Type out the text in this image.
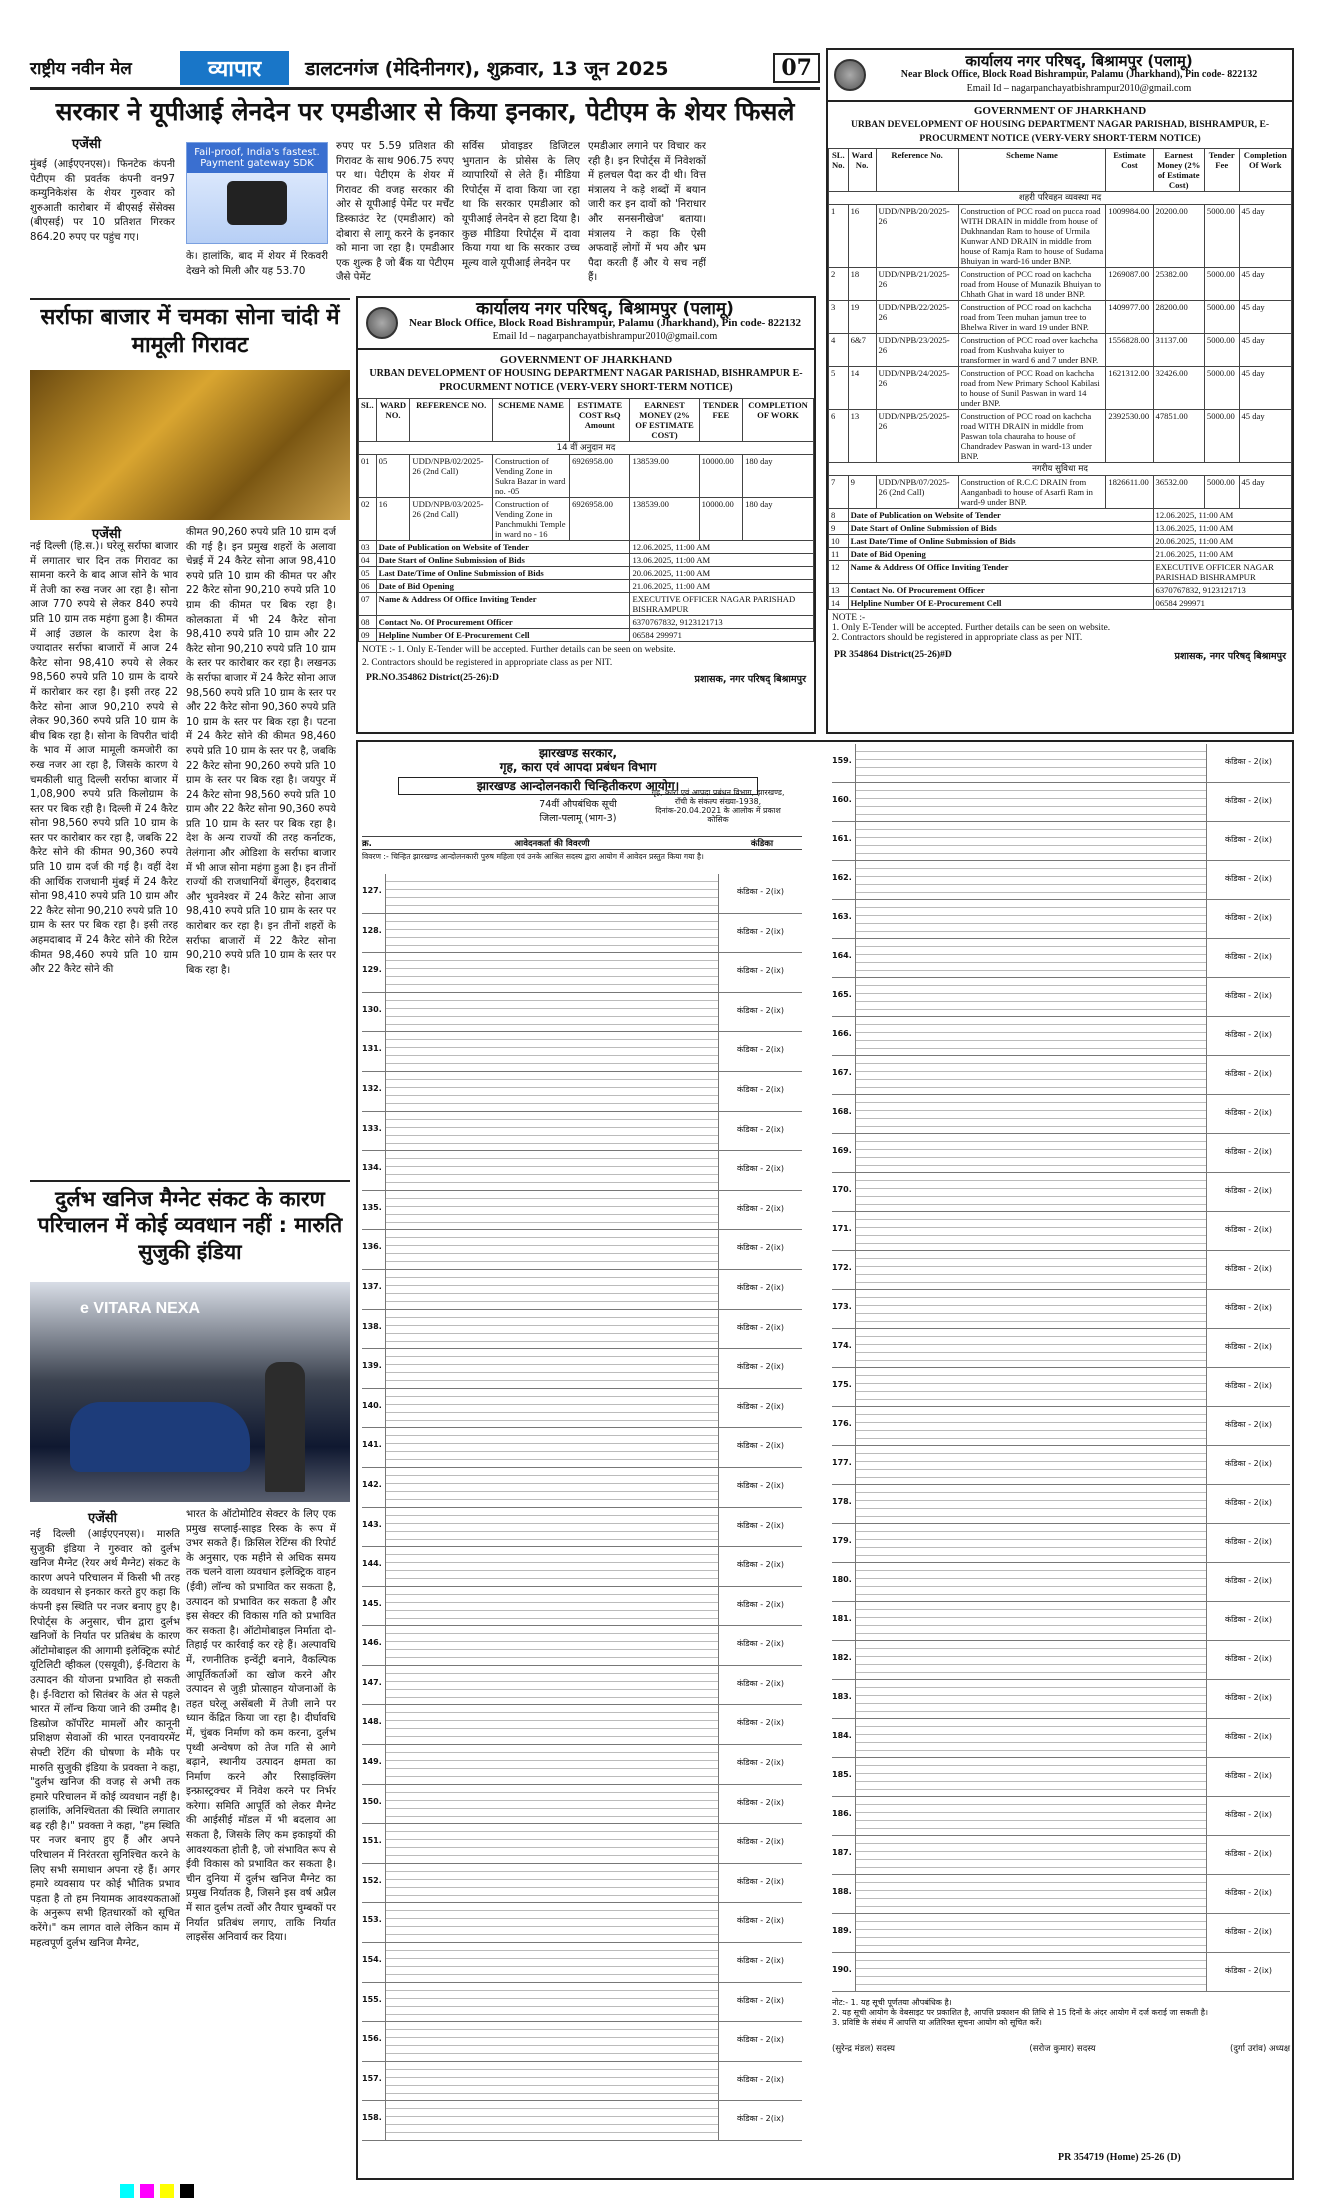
राष्ट्रीय नवीन मेल	व्यापार	डालटनगंज (मेदिनीनगर), शुक्रवार, 13 जून 2025	07
सरकार ने यूपीआई लेनदेन पर एमडीआर से किया इनकार, पेटीएम के शेयर फिसले
एजेंसी
मुंबई (आईएएनएस)। फिनटेक कंपनी पेटीएम की प्रवर्तक कंपनी वन97 कम्युनिकेशंस के शेयर गुरुवार को शुरुआती कारोबार में बीएसई सेंसेक्स (बीएसई) पर 10 प्रतिशत गिरकर 864.20 रुपए पर पहुंच गए।
Fail-proof, India's fastest. Payment gateway SDK
के। हालांकि, बाद में शेयर में रिकवरी देखने को मिली और यह 53.70
रुपए पर 5.59 प्रतिशत की गिरावट के साथ 906.75 रुपए पर था। पेटीएम के शेयर में गिरावट की वजह सरकार की ओर से यूपीआई पेमेंट पर मर्चेंट डिस्काउंट रेट (एमडीआर) को दोबारा से लागू करने के इनकार को माना जा रहा है। एमडीआर एक शुल्क है जो बैंक या पेटीएम जैसे पेमेंट
सर्विस प्रोवाइडर डिजिटल भुगतान के प्रोसेस के लिए व्यापारियों से लेते हैं। मीडिया रिपोर्ट्स में दावा किया जा रहा था कि सरकार एमडीआर को यूपीआई लेनदेन से हटा दिया है। कुछ मीडिया रिपोर्ट्स में दावा किया गया था कि सरकार उच्च मूल्य वाले यूपीआई लेनदेन पर
एमडीआर लगाने पर विचार कर रही है। इन रिपोर्ट्स में निवेशकों में हलचल पैदा कर दी थी। वित्त मंत्रालय ने कड़े शब्दों में बयान जारी कर इन दावों को 'निराधार और सनसनीखेज' बताया। मंत्रालय ने कहा कि ऐसी अफवाहें लोगों में भय और भ्रम पैदा करती हैं और ये सच नहीं हैं।
सर्राफा बाजार में चमका सोना चांदी में मामूली गिरावट
एजेंसी
नई दिल्ली (हि.स.)। घरेलू सर्राफा बाजार में लगातार चार दिन तक गिरावट का सामना करने के बाद आज सोने के भाव में तेजी का रुख नजर आ रहा है। सोना आज 770 रुपये से लेकर 840 रुपये प्रति 10 ग्राम तक महंगा हुआ है। कीमत में आई उछाल के कारण देश के ज्यादातर सर्राफा बाजारों में आज 24 कैरेट सोना 98,410 रुपये से लेकर 98,560 रुपये प्रति 10 ग्राम के दायरे में कारोबार कर रहा है। इसी तरह 22 कैरेट सोना आज 90,210 रुपये से लेकर 90,360 रुपये प्रति 10 ग्राम के बीच बिक रहा है। सोना के विपरीत चांदी के भाव में आज मामूली कमजोरी का रुख नजर आ रहा है, जिसके कारण ये चमकीली धातु दिल्ली सर्राफा बाजार में 1,08,900 रुपये प्रति किलोग्राम के स्तर पर बिक रही है। दिल्ली में 24 कैरेट सोना 98,560 रुपये प्रति 10 ग्राम के स्तर पर कारोबार कर रहा है, जबकि 22 कैरेट सोने की कीमत 90,360 रुपये प्रति 10 ग्राम दर्ज की गई है। वहीं देश की आर्थिक राजधानी मुंबई में 24 कैरेट सोना 98,410 रुपये प्रति 10 ग्राम और 22 कैरेट सोना 90,210 रुपये प्रति 10 ग्राम के स्तर पर बिक रहा है। इसी तरह अहमदाबाद में 24 कैरेट सोने की रिटेल कीमत 98,460 रुपये प्रति 10 ग्राम और 22 कैरेट सोने की
कीमत 90,260 रुपये प्रति 10 ग्राम दर्ज की गई है। इन प्रमुख शहरों के अलावा चेन्नई में 24 कैरेट सोना आज 98,410 रुपये प्रति 10 ग्राम की कीमत पर और 22 कैरेट सोना 90,210 रुपये प्रति 10 ग्राम की कीमत पर बिक रहा है। कोलकाता में भी 24 कैरेट सोना 98,410 रुपये प्रति 10 ग्राम और 22 कैरेट सोना 90,210 रुपये प्रति 10 ग्राम के स्तर पर कारोबार कर रहा है। लखनऊ के सर्राफा बाजार में 24 कैरेट सोना आज 98,560 रुपये प्रति 10 ग्राम के स्तर पर और 22 कैरेट सोना 90,360 रुपये प्रति 10 ग्राम के स्तर पर बिक रहा है। पटना में 24 कैरेट सोने की कीमत 98,460 रुपये प्रति 10 ग्राम के स्तर पर है, जबकि 22 कैरेट सोना 90,260 रुपये प्रति 10 ग्राम के स्तर पर बिक रहा है। जयपुर में 24 कैरेट सोना 98,560 रुपये प्रति 10 ग्राम और 22 कैरेट सोना 90,360 रुपये प्रति 10 ग्राम के स्तर पर बिक रहा है। देश के अन्य राज्यों की तरह कर्नाटक, तेलंगाना और ओडिशा के सर्राफा बाजार में भी आज सोना महंगा हुआ है। इन तीनों राज्यों की राजधानियों बेंगलुरु, हैदराबाद और भुवनेश्वर में 24 कैरेट सोना आज 98,410 रुपये प्रति 10 ग्राम के स्तर पर कारोबार कर रहा है। इन तीनों शहरों के सर्राफा बाजारों में 22 कैरेट सोना 90,210 रुपये प्रति 10 ग्राम के स्तर पर बिक रहा है।
दुर्लभ खनिज मैग्नेट संकट के कारण परिचालन में कोई व्यवधान नहीं : मारुति सुजुकी इंडिया
e VITARA NEXA
एजेंसी
नई दिल्ली (आईएएनएस)। मारुति सुजुकी इंडिया ने गुरुवार को दुर्लभ खनिज मैग्नेट (रेयर अर्थ मैग्नेट) संकट के कारण अपने परिचालन में किसी भी तरह के व्यवधान से इनकार करते हुए कहा कि कंपनी इस स्थिति पर नजर बनाए हुए है। रिपोर्ट्स के अनुसार, चीन द्वारा दुर्लभ खनिजों के निर्यात पर प्रतिबंध के कारण ऑटोमोबाइल की आगामी इलेक्ट्रिक स्पोर्ट यूटिलिटी व्हीकल (एसयूवी), ई-विटारा के उत्पादन की योजना प्रभावित हो सकती है। ई-विटारा को सितंबर के अंत से पहले भारत में लॉन्च किया जाने की उम्मीद है। डिस्प्रोज कॉर्पोरेट मामलों और कानूनी प्रशिक्षण सेवाओं की भारत एनवायरमेंट सेफ्टी रेटिंग की घोषणा के मौके पर मारुति सुजुकी इंडिया के प्रवक्ता ने कहा, "दुर्लभ खनिज की वजह से अभी तक हमारे परिचालन में कोई व्यवधान नहीं है। हालांकि, अनिश्चितता की स्थिति लगातार बढ़ रही है।" प्रवक्ता ने कहा, "हम स्थिति पर नजर बनाए हुए हैं और अपने परिचालन में निरंतरता सुनिश्चित करने के लिए सभी समाधान अपना रहे हैं। अगर हमारे व्यवसाय पर कोई भौतिक प्रभाव पड़ता है तो हम नियामक आवश्यकताओं के अनुरूप सभी हितधारकों को सूचित करेंगे।" कम लागत वाले लेकिन काम में महत्वपूर्ण दुर्लभ खनिज मैग्नेट,
भारत के ऑटोमोटिव सेक्टर के लिए एक प्रमुख सप्लाई-साइड रिस्क के रूप में उभर सकते हैं। क्रिसिल रेटिंग्स की रिपोर्ट के अनुसार, एक महीने से अधिक समय तक चलने वाला व्यवधान इलेक्ट्रिक वाहन (ईवी) लॉन्च को प्रभावित कर सकता है, उत्पादन को प्रभावित कर सकता है और इस सेक्टर की विकास गति को प्रभावित कर सकता है। ऑटोमोबाइल निर्माता दो-तिहाई पर कार्रवाई कर रहे हैं। अल्पावधि में, रणनीतिक इन्वेंट्री बनाने, वैकल्पिक आपूर्तिकर्ताओं का खोज करने और उत्पादन से जुड़ी प्रोत्साहन योजनाओं के तहत घरेलू असेंबली में तेजी लाने पर ध्यान केंद्रित किया जा रहा है। दीर्घावधि में, चुंबक निर्माण को कम करना, दुर्लभ पृथ्वी अन्वेषण को तेज गति से आगे बढ़ाने, स्थानीय उत्पादन क्षमता का निर्माण करने और रिसाइक्लिंग इन्फ्रास्ट्रक्चर में निवेश करने पर निर्भर करेगा। समिति आपूर्ति को लेकर मैग्नेट की आईसीई मॉडल में भी बदलाव आ सकता है, जिसके लिए कम इकाइयों की आवश्यकता होती है, जो संभावित रूप से ईवी विकास को प्रभावित कर सकता है। चीन दुनिया में दुर्लभ खनिज मैग्नेट का प्रमुख निर्यातक है, जिसने इस वर्ष अप्रैल में सात दुर्लभ तत्वों और तैयार चुम्बकों पर निर्यात प्रतिबंध लगाए, ताकि निर्यात लाइसेंस अनिवार्य कर दिया।
कार्यालय नगर परिषद्, बिश्रामपुर (पलामू)
Near Block Office, Block Road Bishrampur, Palamu (Jharkhand), Pin code- 822132
Email Id – nagarpanchayatbishrampur2010@gmail.com
GOVERNMENT OF JHARKHAND
URBAN DEVELOPMENT OF HOUSING DEPARTMENT NAGAR PARISHAD, BISHRAMPUR E-PROCURMENT NOTICE (VERY-VERY SHORT-TERM NOTICE)
SL.	WARD NO.	REFERENCE NO.	SCHEME NAME	ESTIMATE COST RsQ Amount	EARNEST MONEY (2% OF ESTIMATE COST)	TENDER FEE	COMPLETION OF WORK
14 वीं अनुदान मद							
01	05	UDD/NPB/02/2025-26 (2nd Call)	Construction of Vending Zone in Sukra Bazar in ward no. -05	6926958.00	138539.00	10000.00	180 day
02	16	UDD/NPB/03/2025-26 (2nd Call)	Construction of Vending Zone in Panchmukhi Temple in ward no - 16	6926958.00	138539.00	10000.00	180 day
03	Date of Publication on Website of Tender				12.06.2025, 11:00 AM		
04	Date Start of Online Submission of Bids				13.06.2025, 11:00 AM		
05	Last Date/Time of Online Submission of Bids				20.06.2025, 11:00 AM		
06	Date of Bid Opening				21.06.2025, 11:00 AM		
07	Name & Address Of Office Inviting Tender				EXECUTIVE OFFICER NAGAR PARISHAD BISHRAMPUR		
08	Contact No. Of Procurement Officer				6370767832, 9123121713		
09	Helpline Number Of E-Procurement Cell				06584 299971		
NOTE :- 1. Only E-Tender will be accepted. Further details can be seen on website.
2. Contractors should be registered in appropriate class as per NIT.
PR.NO.354862 District(25-26):D	प्रशासक, नगर परिषद् बिश्रामपुर
कार्यालय नगर परिषद्, बिश्रामपुर (पलामू)
Near Block Office, Block Road Bishrampur, Palamu (Jharkhand), Pin code- 822132
Email Id – nagarpanchayatbishrampur2010@gmail.com
GOVERNMENT OF JHARKHAND
URBAN DEVELOPMENT OF HOUSING DEPARTMENT NAGAR PARISHAD, BISHRAMPUR, E-PROCURMENT NOTICE (VERY-VERY SHORT-TERM NOTICE)
SL. No.	Ward No.	Reference No.	Scheme Name	Estimate Cost	Earnest Money (2% of Estimate Cost)	Tender Fee	Completion Of Work
शहरी परिवहन व्यवस्था मद							
1	16	UDD/NPB/20/2025-26	Construction of PCC road on pucca road WITH DRAIN in middle from house of Dukhnandan Ram to house of Urmila Kunwar AND DRAIN in middle from house of Ramja Ram to house of Sudama Bhuiyan in ward-16 under BNP.	1009984.00	20200.00	5000.00	45 day
2	18	UDD/NPB/21/2025-26	Construction of PCC road on kachcha road from House of Munazik Bhuiyan to Chhath Ghat in ward 18 under BNP.	1269087.00	25382.00	5000.00	45 day
3	19	UDD/NPB/22/2025-26	Construction of PCC road on kachcha road from Teen muhan jamun tree to Bhelwa River in ward 19 under BNP.	1409977.00	28200.00	5000.00	45 day
4	6&7	UDD/NPB/23/2025-26	Construction of PCC road over kachcha road from Kushvaha kuiyer to transformer in ward 6 and 7 under BNP.	1556828.00	31137.00	5000.00	45 day
5	14	UDD/NPB/24/2025-26	Construction of PCC Road on kachcha road from New Primary School Kabilasi to house of Sunil Paswan in ward 14 under BNP.	1621312.00	32426.00	5000.00	45 day
6	13	UDD/NPB/25/2025-26	Construction of PCC road on kachcha road WITH DRAIN in middle from Paswan tola chauraha to house of Chandradev Paswan in ward-13 under BNP.	2392530.00	47851.00	5000.00	45 day
नगरीय सुविधा मद							
7	9	UDD/NPB/07/2025-26 (2nd Call)	Construction of R.C.C DRAIN from Aanganbadi to house of Asarfi Ram in ward-9 under BNP.	1826611.00	36532.00	5000.00	45 day
8	Date of Publication on Website of Tender				12.06.2025, 11:00 AM		
9	Date Start of Online Submission of Bids				13.06.2025, 11:00 AM		
10	Last Date/Time of Online Submission of Bids				20.06.2025, 11:00 AM		
11	Date of Bid Opening				21.06.2025, 11:00 AM		
12	Name & Address Of Office Inviting Tender				EXECUTIVE OFFICER NAGAR PARISHAD BISHRAMPUR		
13	Contact No. Of Procurement Officer				6370767832, 9123121713		
14	Helpline Number Of E-Procurement Cell				06584 299971		
NOTE :-
1. Only E-Tender will be accepted. Further details can be seen on website.
2. Contractors should be registered in appropriate class as per NIT.
PR 354864 District(25-26)#D	प्रशासक, नगर परिषद् बिश्रामपुर
झारखण्ड सरकार,
गृह, कारा एवं आपदा प्रबंधन विभाग
झारखण्ड आन्दोलनकारी चिन्हितीकरण आयोग।
74वीं औपबंधिक सूची
जिला-पलामू (भाग-3)
गृह, कारा एवं आपदा प्रबंधन विभाग, झारखण्ड, राँची के संकल्प संख्या-1938, दिनांक-20.04.2021 के आलोक में प्रकाश कोसिक
क्र.	आवेदनकर्ता की विवरणी	कंडिका
विवरण :- चिन्हित झारखण्ड आन्दोलनकारी पुरुष महिला एवं उनके आश्रित सदस्य द्वारा आयोग में आवेदन प्रस्तुत किया गया है।
127.	कंडिका - 2(ix)
128.	कंडिका - 2(ix)
129.	कंडिका - 2(ix)
130.	कंडिका - 2(ix)
131.	कंडिका - 2(ix)
132.	कंडिका - 2(ix)
133.	कंडिका - 2(ix)
134.	कंडिका - 2(ix)
135.	कंडिका - 2(ix)
136.	कंडिका - 2(ix)
137.	कंडिका - 2(ix)
138.	कंडिका - 2(ix)
139.	कंडिका - 2(ix)
140.	कंडिका - 2(ix)
141.	कंडिका - 2(ix)
142.	कंडिका - 2(ix)
143.	कंडिका - 2(ix)
144.	कंडिका - 2(ix)
145.	कंडिका - 2(ix)
146.	कंडिका - 2(ix)
147.	कंडिका - 2(ix)
148.	कंडिका - 2(ix)
149.	कंडिका - 2(ix)
150.	कंडिका - 2(ix)
151.	कंडिका - 2(ix)
152.	कंडिका - 2(ix)
153.	कंडिका - 2(ix)
154.	कंडिका - 2(ix)
155.	कंडिका - 2(ix)
156.	कंडिका - 2(ix)
157.	कंडिका - 2(ix)
158.	कंडिका - 2(ix)
159.	कंडिका - 2(ix)
160.	कंडिका - 2(ix)
161.	कंडिका - 2(ix)
162.	कंडिका - 2(ix)
163.	कंडिका - 2(ix)
164.	कंडिका - 2(ix)
165.	कंडिका - 2(ix)
166.	कंडिका - 2(ix)
167.	कंडिका - 2(ix)
168.	कंडिका - 2(ix)
169.	कंडिका - 2(ix)
170.	कंडिका - 2(ix)
171.	कंडिका - 2(ix)
172.	कंडिका - 2(ix)
173.	कंडिका - 2(ix)
174.	कंडिका - 2(ix)
175.	कंडिका - 2(ix)
176.	कंडिका - 2(ix)
177.	कंडिका - 2(ix)
178.	कंडिका - 2(ix)
179.	कंडिका - 2(ix)
180.	कंडिका - 2(ix)
181.	कंडिका - 2(ix)
182.	कंडिका - 2(ix)
183.	कंडिका - 2(ix)
184.	कंडिका - 2(ix)
185.	कंडिका - 2(ix)
186.	कंडिका - 2(ix)
187.	कंडिका - 2(ix)
188.	कंडिका - 2(ix)
189.	कंडिका - 2(ix)
190.	कंडिका - 2(ix)
नोट:- 1. यह सूची पूर्णतया औपबंधिक है।
2. यह सूची आयोग के वेबसाइट पर प्रकाशित है, आपत्ति प्रकाशन की तिथि से 15 दिनों के अंदर आयोग में दर्ज कराई जा सकती है।
3. प्रविष्टि के संबंध में आपत्ति या अतिरिक्त सूचना आयोग को सूचित करें।
(सुरेन्द्र मंडल) सदस्य	(सरोज कुमार) सदस्य	(दुर्गा उरांव) अध्यक्ष
PR 354719 (Home) 25-26 (D)
